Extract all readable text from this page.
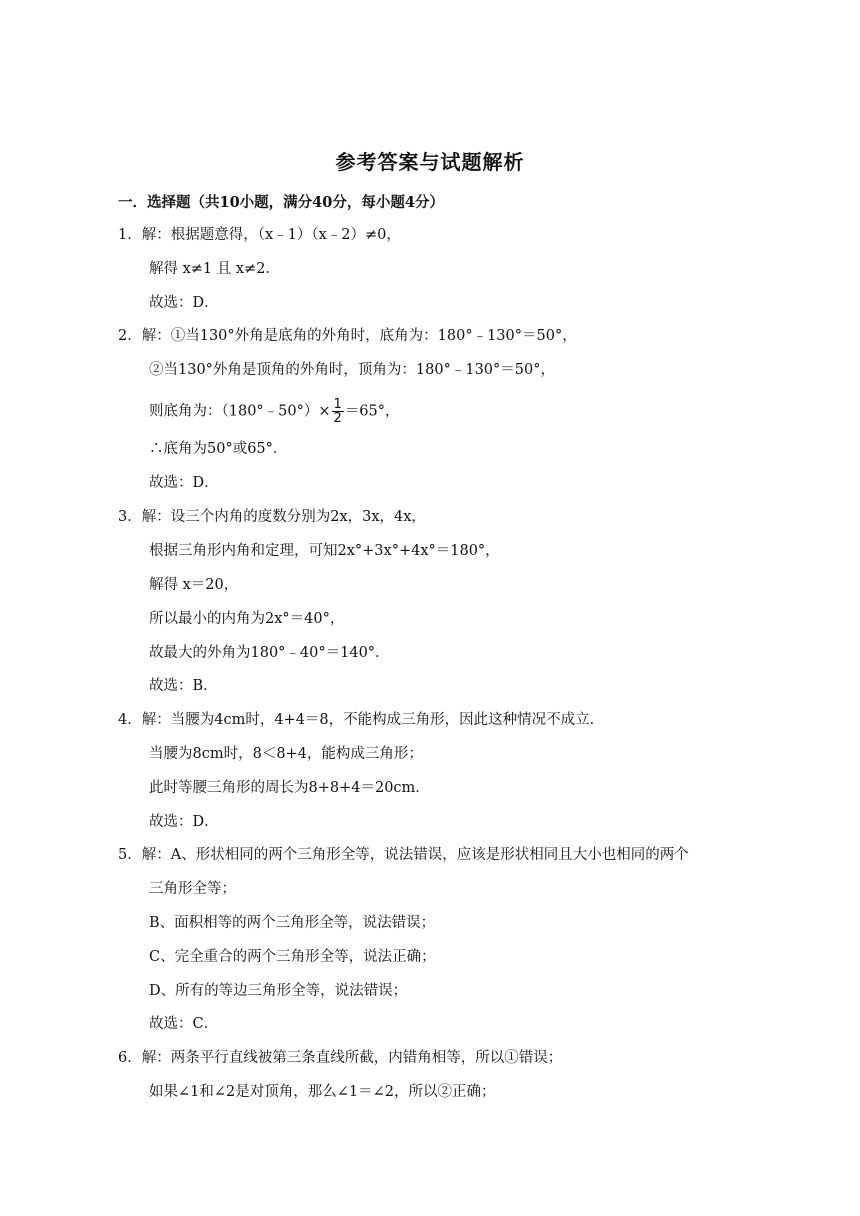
参考答案与试题解析
一．选择题（共10小题，满分40分，每小题4分）
1．解：根据题意得，（x﹣1）（x﹣2）≠0，
解得 x≠1 且 x≠2．
故选：D．
2．解：①当130°外角是底角的外角时，底角为：180°﹣130°＝50°，
②当130°外角是顶角的外角时，顶角为：180°﹣130°＝50°，
则底角为：（180°﹣50°）× $\frac{1}{2} =65^\circ$，
∴底角为50°或65°．
故选：D．
3．解：设三个内角的度数分别为2x，3x，4x，
根据三角形内角和定理，可知2x°+3x°+4x°＝180°，
解得 x＝20，
所以最小的内角为2x°＝40°，
故最大的外角为180°﹣40°＝140°．
故选：B．
4．解：当腰为4cm时，4+4＝8，不能构成三角形，因此这种情况不成立．
当腰为8cm时，8＜8+4，能构成三角形；
此时等腰三角形的周长为8+8+4＝20cm．
故选：D．
5．解：A、形状相同的两个三角形全等，说法错误，应该是形状相同且大小也相同的两个
三角形全等；
B、面积相等的两个三角形全等，说法错误；
C、完全重合的两个三角形全等，说法正确；
D、所有的等边三角形全等，说法错误；
故选：C．
6．解：两条平行直线被第三条直线所截，内错角相等，所以①错误；
如果∠1和∠2是对顶角，那么∠1＝∠2，所以②正确；
